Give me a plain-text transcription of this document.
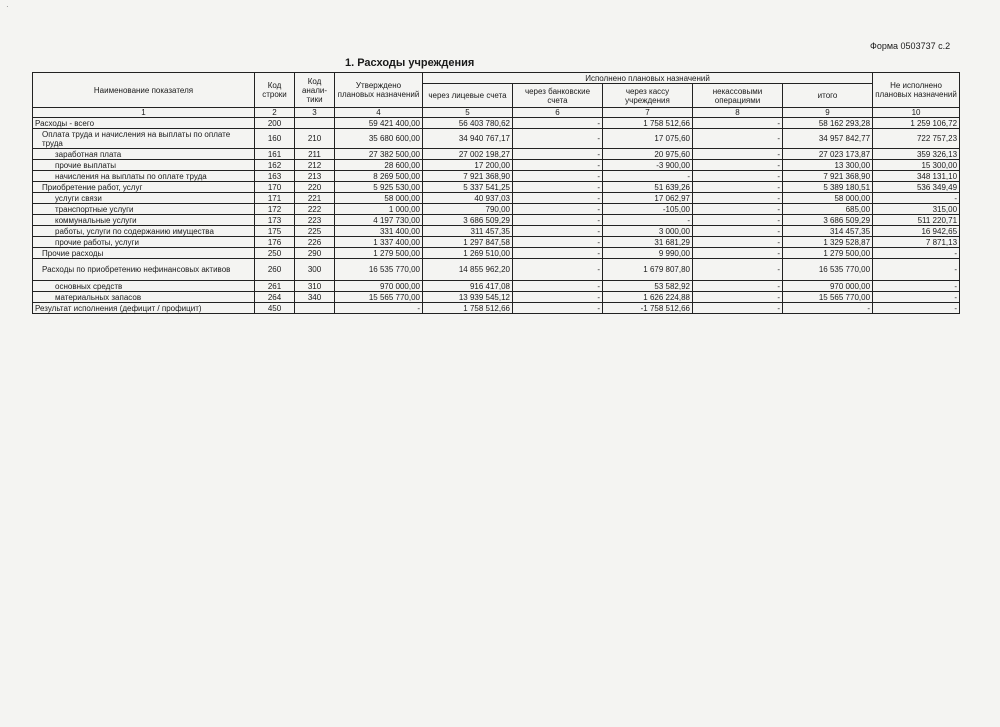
Форма 0503737 с.2
1. Расходы учреждения
Наименование показателя	Код строки	Код анали-тики	Утверждено плановых назначений	Исполнено плановых назначений					Не исполнено плановых назначений
				через лицевые счета	через банковские счета	через кассу учреждения	некассовыми операциями	итого	
1	2	3	4	5	6	7	8	9	10
Расходы - всего	200		59 421 400,00	56 403 780,62	-	1 758 512,66	-	58 162 293,28	1 259 106,72
Оплата труда и начисления на выплаты по оплате труда	160	210	35 680 600,00	34 940 767,17	-	17 075,60	-	34 957 842,77	722 757,23
заработная плата	161	211	27 382 500,00	27 002 198,27	-	20 975,60	-	27 023 173,87	359 326,13
прочие выплаты	162	212	28 600,00	17 200,00	-	-3 900,00	-	13 300,00	15 300,00
начисления на выплаты по оплате труда	163	213	8 269 500,00	7 921 368,90	-	-	-	7 921 368,90	348 131,10
Приобретение работ, услуг	170	220	5 925 530,00	5 337 541,25	-	51 639,26	-	5 389 180,51	536 349,49
услуги связи	171	221	58 000,00	40 937,03	-	17 062,97	-	58 000,00	-
транспортные услуги	172	222	1 000,00	790,00	-	-105,00	-	685,00	315,00
коммунальные услуги	173	223	4 197 730,00	3 686 509,29	-	-	-	3 686 509,29	511 220,71
работы, услуги по содержанию имущества	175	225	331 400,00	311 457,35	-	3 000,00	-	314 457,35	16 942,65
прочие работы, услуги	176	226	1 337 400,00	1 297 847,58	-	31 681,29	-	1 329 528,87	7 871,13
Прочие расходы	250	290	1 279 500,00	1 269 510,00	-	9 990,00	-	1 279 500,00	-
Расходы по приобретению нефинансовых активов	260	300	16 535 770,00	14 855 962,20	-	1 679 807,80	-	16 535 770,00	-
основных средств	261	310	970 000,00	916 417,08	-	53 582,92	-	970 000,00	-
материальных запасов	264	340	15 565 770,00	13 939 545,12	-	1 626 224,88	-	15 565 770,00	-
Результат исполнения (дефицит / профицит)	450		-	1 758 512,66	-	-1 758 512,66	-	-	-
·
